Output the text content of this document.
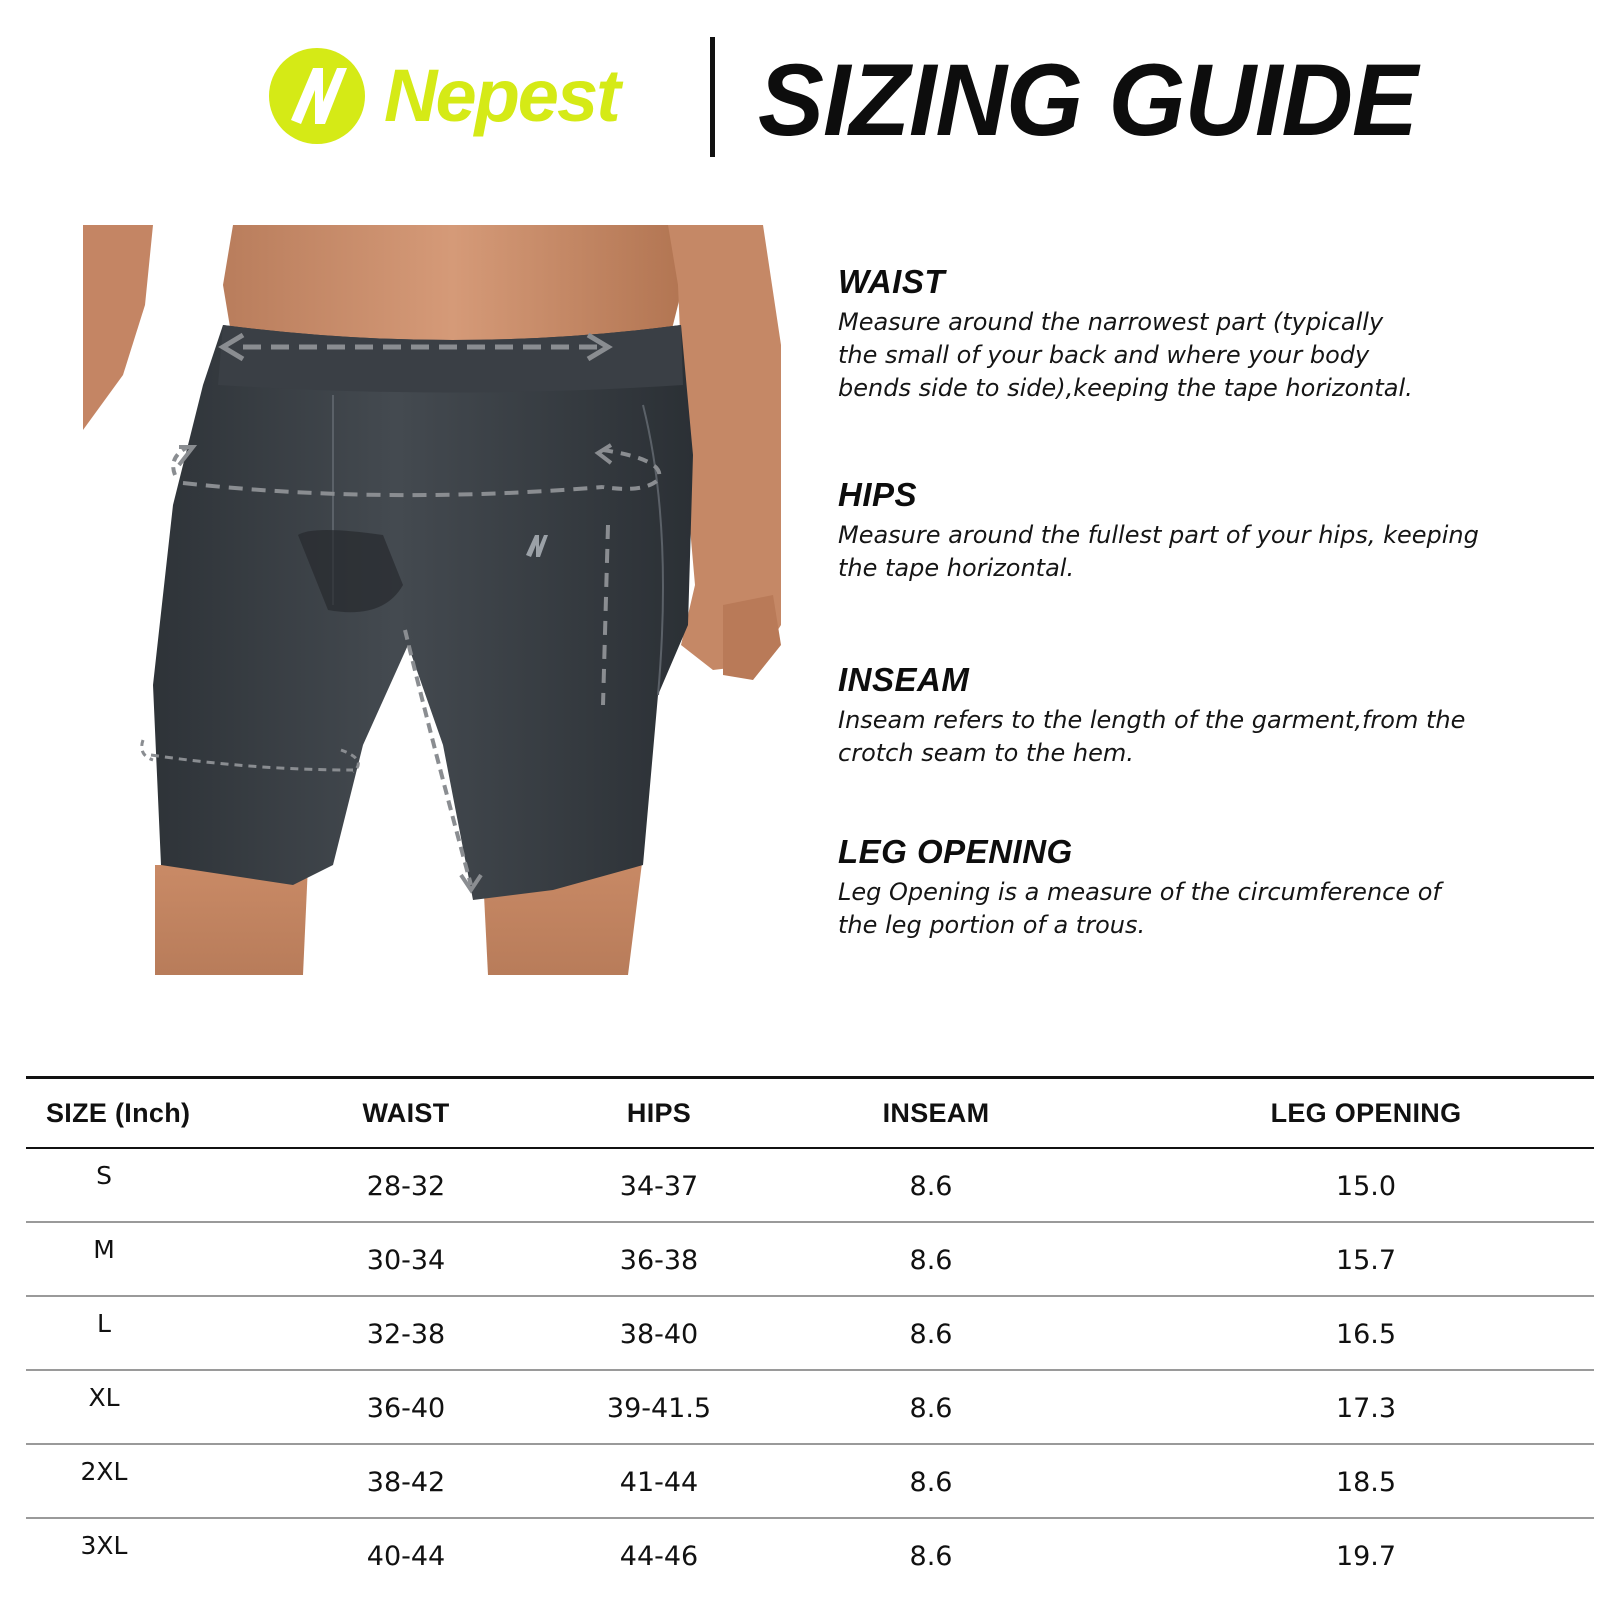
Nepest SIZING GUIDE
WAIST

Measure around the narrowest part (typically
the small of your back and where your body
bends side to side),keeping the tape horizontal.

HIPS

Measure around the fullest part of your hips, keeping
the tape horizontal.

INSEAM

Inseam refers to the length of the garment,from the
crotch seam to the hem.

LEG OPENING

Leg Opening is a measure of the circumference of
the leg portion of a trous.

SIZE (Inch)	WAIST	HIPS	INSEAM	LEG OPENING
S	28-32	34-37	8.6	15.0
M	30-34	36-38	8.6	15.7
L	32-38	38-40	8.6	16.5
XL	36-40	39-41.5	8.6	17.3
2XL	38-42	41-44	8.6	18.5
3XL	40-44	44-46	8.6	19.7
